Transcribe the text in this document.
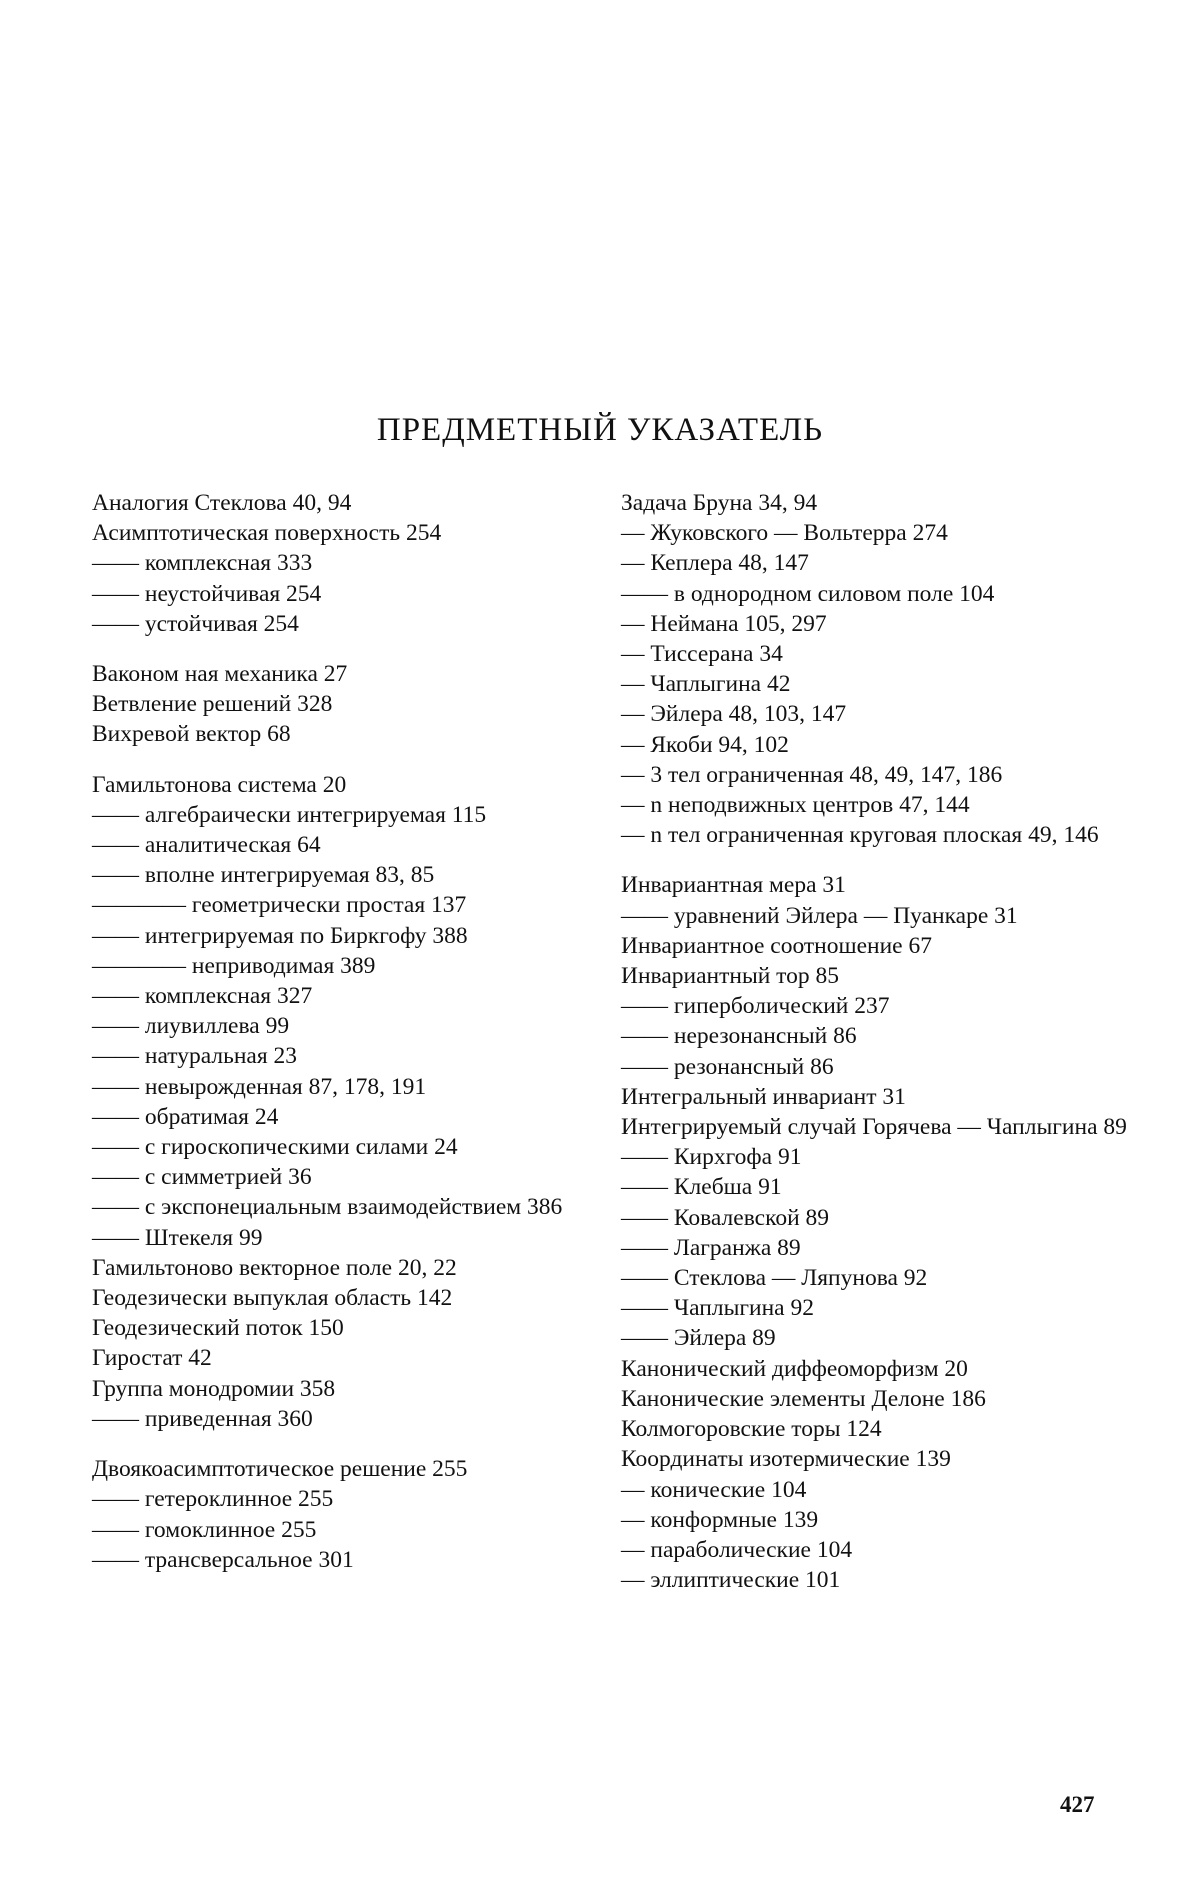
ПРЕДМЕТНЫЙ УКАЗАТЕЛЬ
Аналогия Стеклова 40, 94
Асимптотическая поверхность 254
—— комплексная 333
—— неустойчивая 254
—— устойчивая 254
Ваконом ная механика 27
Ветвление решений 328
Вихревой вектор 68
Гамильтонова система 20
—— алгебраически интегрируемая 115
—— аналитическая 64
—— вполне интегрируемая 83, 85
———— геометрически простая 137
—— интегрируемая по Биркгофу 388
———— неприводимая 389
—— комплексная 327
—— лиувиллева 99
—— натуральная 23
—— невырожденная 87, 178, 191
—— обратимая 24
—— с гироскопическими силами 24
—— с симметрией 36
—— с экспонециальным взаимодействием 386
—— Штекеля 99
Гамильтоново векторное поле 20, 22
Геодезически выпуклая область 142
Геодезический поток 150
Гиростат 42
Группа монодромии 358
—— приведенная 360
Двоякоасимптотическое решение 255
—— гетероклинное 255
—— гомоклинное 255
—— трансверсальное 301
Задача Бруна 34, 94
— Жуковского — Вольтерра 274
— Кеплера 48, 147
—— в однородном силовом поле 104
— Неймана 105, 297
— Тиссерана 34
— Чаплыгина 42
— Эйлера 48, 103, 147
— Якоби 94, 102
— 3 тел ограниченная 48, 49, 147, 186
— n неподвижных центров 47, 144
— n тел ограниченная круговая плоская 49, 146
Инвариантная мера 31
—— уравнений Эйлера — Пуанкаре 31
Инвариантное соотношение 67
Инвариантный тор 85
—— гиперболический 237
—— нерезонансный 86
—— резонансный 86
Интегральный инвариант 31
Интегрируемый случай Горячева — Чаплыгина 89
—— Кирхгофа 91
—— Клебша 91
—— Ковалевской 89
—— Лагранжа 89
—— Стеклова — Ляпунова 92
—— Чаплыгина 92
—— Эйлера 89
Канонический диффеоморфизм 20
Канонические элементы Делоне 186
Колмогоровские торы 124
Координаты изотермические 139
— конические 104
— конформные 139
— параболические 104
— эллиптические 101
427
